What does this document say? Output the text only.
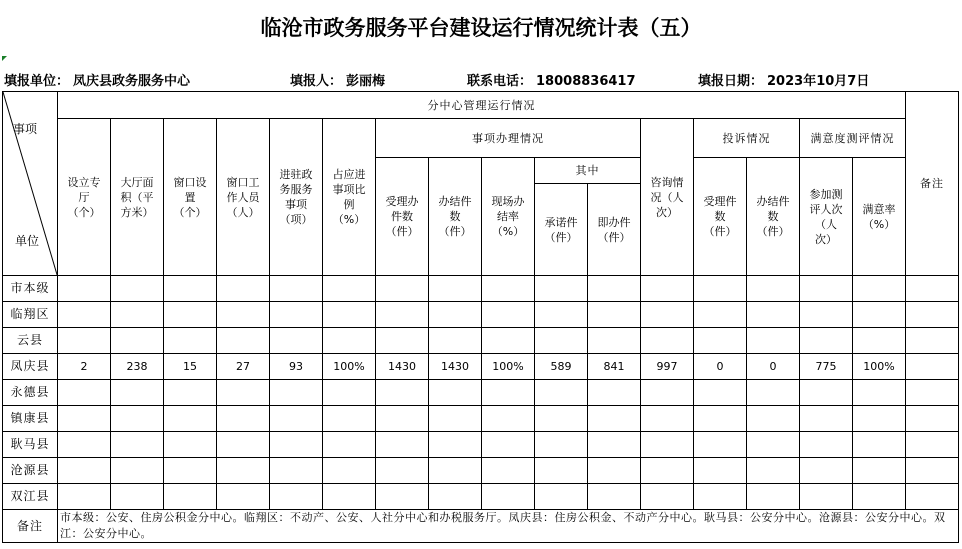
临沧市政务服务平台建设运行情况统计表（五）
填报单位： 凤庆县政务服务中心	填报人： 彭丽梅	联系电话： 18008836417	填报日期： 2023年10月7日
事项
单位	分中心管理运行情况																备注
	设立专厅（个）	大厅面积（平方米）	窗口设置（个）	窗口工作人员（人）	进驻政务服务事项（项）	占应进事项比例（%）	事项办理情况					咨询情况（人次）	投诉情况		满意度测评情况		
							受理办件数（件）	办结件数（件）	现场办结率（%）	其中			受理件数（件）	办结件数（件）	参加测评人次（人次）	满意率（%）	
										承诺件（件）	即办件（件）						
市本级																	
临翔区																	
云县																	
凤庆县	2	238	15	27	93	100%	1430	1430	100%	589	841	997	0	0	775	100%	
永德县																	
镇康县																	
耿马县																	
沧源县																	
双江县																	
备注	市本级：公安、住房公积金分中心。临翔区：不动产、公安、人社分中心和办税服务厅。凤庆县：住房公积金、不动产分中心。耿马县：公安分中心。沧源县：公安分中心。双江：公安分中心。																
